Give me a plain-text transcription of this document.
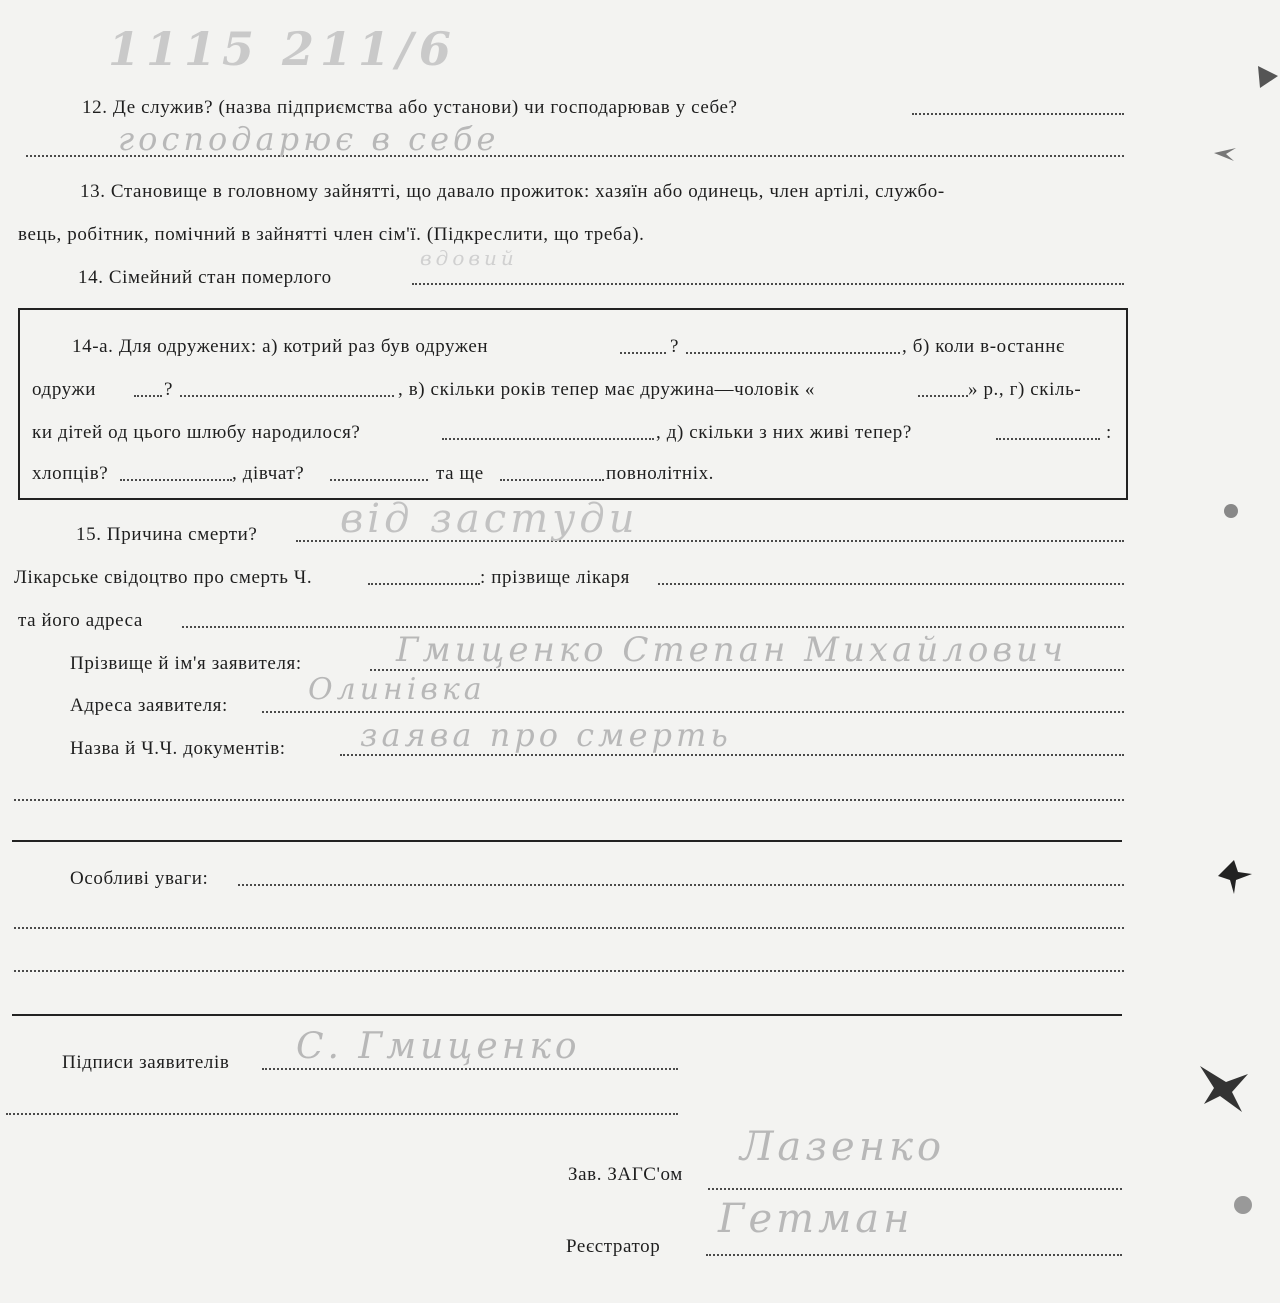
1115 211/6
12. Де служив? (назва підприємства або установи) чи господарював у себе?
господарює в себе
13. Становище в головному зайнятті, що давало прожиток: хазяїн або одинець, член артілі, службо-
вець, робітник, помічний в зайнятті член сім'ї. (Підкреслити, що треба).
14. Сімейний стан померлого
вдовий
14-а. Для одружених: а) котрий раз був одружен	?	, б) коли в-останнє
одружи	?	, в) скільки років тепер має дружина—чоловік «	» р., г) скіль-
ки дітей од цього шлюбу народилося?	, д) скільки з них живі тепер?	:
хлопців?	, дівчат?	та ще	повнолітніх.
15. Причина смерти? від застуди
Лікарське свідоцтво про смерть Ч.	: прізвище лікаря
та його адреса
Прізвище й ім'я заявителя:	Гмиценко Степан Михайлович
Адреса заявителя:	Олинівка
Назва й Ч.Ч. документів: заява про смерть
Особливі уваги:
Підписи заявителів С. Гмиценко
Зав. ЗАГС'ом
Лазенко
Реєстратор
Гетман
